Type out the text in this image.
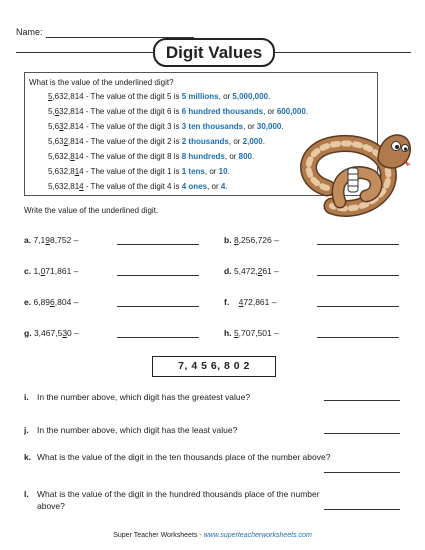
Name:
Digit Values
What is the value of the underlined digit?
5,632,814 - The value of the digit 5 is 5 millions, or 5,000,000.
5,632,814 - The value of the digit 6 is 6 hundred thousands, or 600,000.
5,632,814 - The value of the digit 3 is 3 ten thousands, or 30,000.
5,632,814 - The value of the digit 2 is 2 thousands, or 2,000.
5,632,814 - The value of the digit 8 is 8 hundreds, or 800.
5,632,814 - The value of the digit 1 is 1 tens, or 10.
5,632,814 - The value of the digit 4 is 4 ones, or 4.
Write the value of the underlined digit.
a. 7,198,752 –	b. 8,256,726 –
c. 1,071,861 –	d. 5,472,261 –
e. 6,896,804 –	f. 472,861 –
g. 3,467,530 –	h. 5,707,501 –
7, 4 5 6, 8 0 2
i. In the number above, which digit has the greatest value?
j. In the number above, which digit has the least value?
k. What is the value of the digit in the ten thousands place of the number above?
l. What is the value of the digit in the hundred thousands place of the number above?
Super Teacher Worksheets - www.superteacherworksheets.com
